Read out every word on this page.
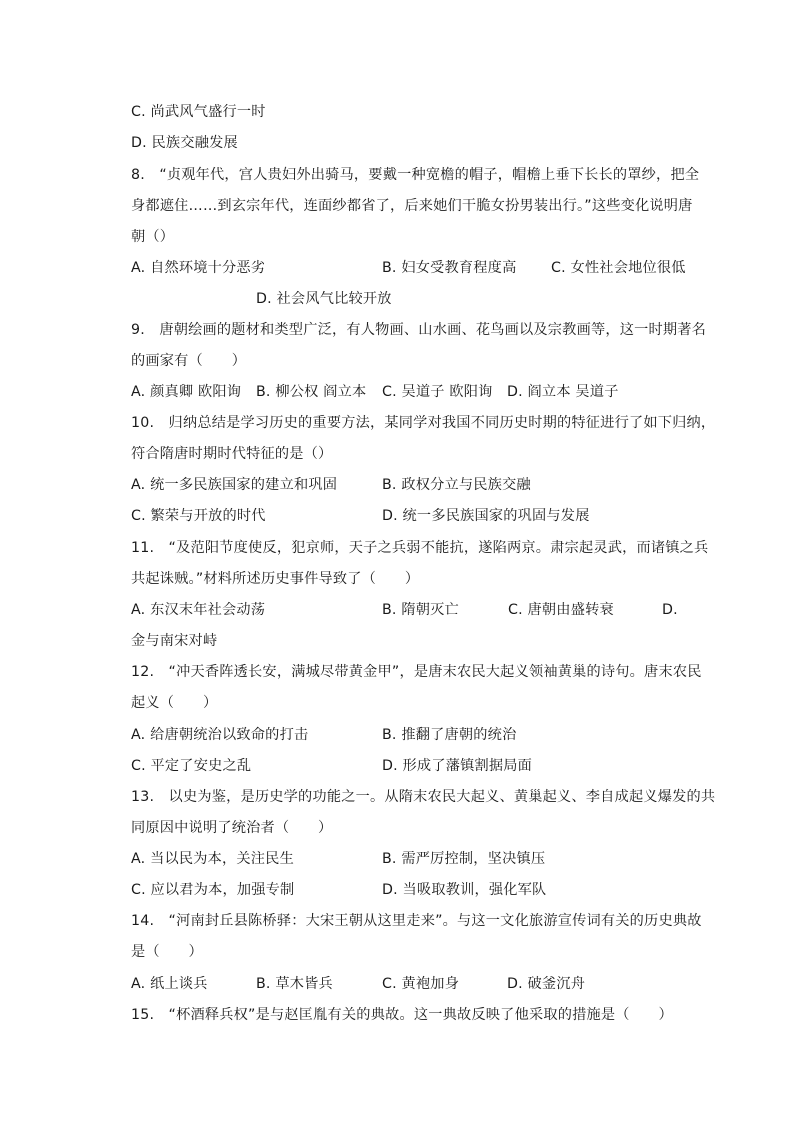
C. 尚武风气盛行一时
D. 民族交融发展
8.　“贞观年代，宫人贵妇外出骑马，要戴一种宽檐的帽子，帽檐上垂下长长的罩纱，把全
身都遮住……到玄宗年代，连面纱都省了，后来她们干脆女扮男装出行。”这些变化说明唐
朝（）
A. 自然环境十分恶劣	B. 妇女受教育程度高 C. 女性社会地位很低
D. 社会风气比较开放
9.　唐朝绘画的题材和类型广泛，有人物画、山水画、花鸟画以及宗教画等，这一时期著名
的画家有（　　）
A. 颜真卿 欧阳询 B. 柳公权 阎立本 C. 吴道子 欧阳询 D. 阎立本 吴道子
10.　归纳总结是学习历史的重要方法，某同学对我国不同历史时期的特征进行了如下归纳，
符合隋唐时期时代特征的是（）
A. 统一多民族国家的建立和巩固	B. 政权分立与民族交融
C. 繁荣与开放的时代	D. 统一多民族国家的巩固与发展
11.　“及范阳节度使反，犯京师，天子之兵弱不能抗，遂陷两京。肃宗起灵武，而诸镇之兵
共起诛贼。”材料所述历史事件导致了（　　）
A. 东汉末年社会动荡	B. 隋朝灭亡	C. 唐朝由盛转衰	D.
金与南宋对峙
12.　“冲天香阵透长安，满城尽带黄金甲”，是唐末农民大起义领袖黄巢的诗句。唐末农民
起义（　　）
A. 给唐朝统治以致命的打击	B. 推翻了唐朝的统治
C. 平定了安史之乱	D. 形成了藩镇割据局面
13.　以史为鉴，是历史学的功能之一。从隋末农民大起义、黄巢起义、李自成起义爆发的共
同原因中说明了统治者（　　）
A. 当以民为本，关注民生	B. 需严厉控制，坚决镇压
C. 应以君为本，加强专制	D. 当吸取教训，强化军队
14.　“河南封丘县陈桥驿：大宋王朝从这里走来”。与这一文化旅游宣传词有关的历史典故
是（　　）
A. 纸上谈兵	B. 草木皆兵	C. 黄袍加身	D. 破釜沉舟
15.　“杯酒释兵权”是与赵匡胤有关的典故。这一典故反映了他采取的措施是（　　）
